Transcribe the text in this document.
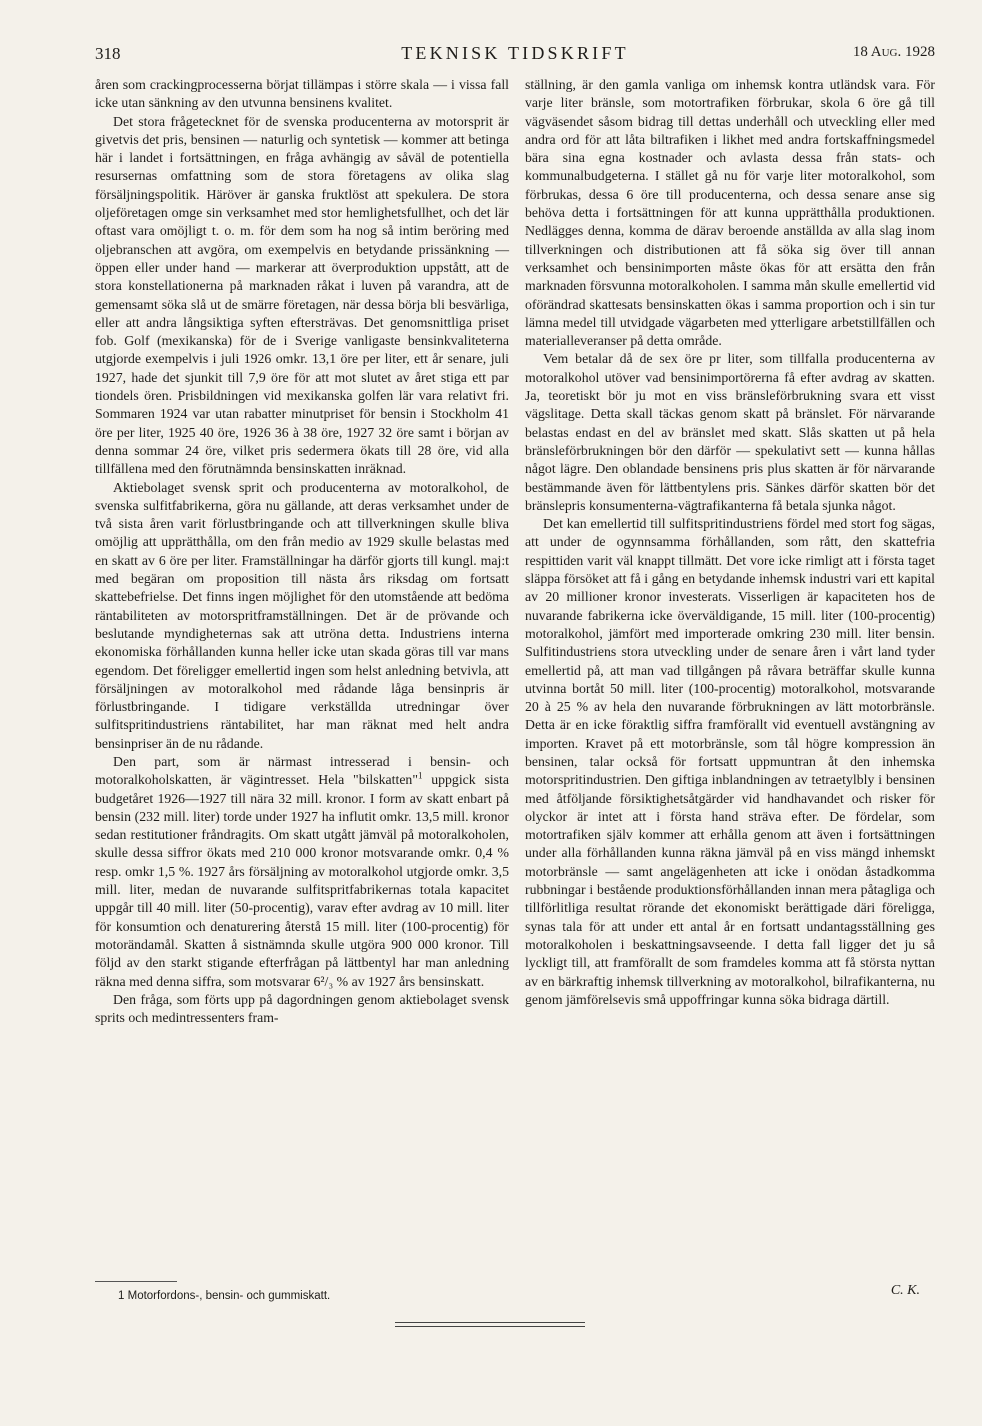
318	TEKNISK TIDSKRIFT	18 Aug. 1928

åren som crackingprocesserna börjat tillämpas i större skala — i vissa fall icke utan sänkning av den utvunna bensinens kvalitet.

Det stora frågetecknet för de svenska producenterna av motorsprit är givetvis det pris, bensinen — naturlig och syntetisk — kommer att betinga här i landet i fortsättningen, en fråga avhängig av såväl de potentiella resursernas omfattning som de stora företagens av olika slag försäljningspolitik. Häröver är ganska fruktlöst att spekulera. De stora oljeföretagen omge sin verksamhet med stor hemlighetsfullhet, och det lär oftast vara omöjligt t. o. m. för dem som ha nog så intim beröring med oljebranschen att avgöra, om exempelvis en betydande prissänkning — öppen eller under hand — markerar att överproduktion uppstått, att de stora konstellationerna på marknaden råkat i luven på varandra, att de gemensamt söka slå ut de smärre företagen, när dessa börja bli besvärliga, eller att andra långsiktiga syften eftersträvas. Det genomsnittliga priset fob. Golf (mexikanska) för de i Sverige vanligaste bensinkvaliteterna utgjorde exempelvis i juli 1926 omkr. 13,1 öre per liter, ett år senare, juli 1927, hade det sjunkit till 7,9 öre för att mot slutet av året stiga ett par tiondels ören. Prisbildningen vid mexikanska golfen lär vara relativt fri. Sommaren 1924 var utan rabatter minutpriset för bensin i Stockholm 41 öre per liter, 1925 40 öre, 1926 36 à 38 öre, 1927 32 öre samt i början av denna sommar 24 öre, vilket pris sedermera ökats till 28 öre, vid alla tillfällena med den förutnämnda bensinskatten inräknad.

Aktiebolaget svensk sprit och producenterna av motoralkohol, de svenska sulfitfabrikerna, göra nu gällande, att deras verksamhet under de två sista åren varit förlustbringande och att tillverkningen skulle bliva omöjlig att upprätthålla, om den från medio av 1929 skulle belastas med en skatt av 6 öre per liter. Framställningar ha därför gjorts till kungl. maj:t med begäran om proposition till nästa års riksdag om fortsatt skattebefrielse. Det finns ingen möjlighet för den utomstående att bedöma räntabiliteten av motorspritframställningen. Det är de prövande och beslutande myndigheternas sak att utröna detta. Industriens interna ekonomiska förhållanden kunna heller icke utan skada göras till var mans egendom. Det föreligger emellertid ingen som helst anledning betvivla, att försäljningen av motoralkohol med rådande låga bensinpris är förlustbringande. I tidigare verkställda utredningar över sulfitspritindustriens räntabilitet, har man räknat med helt andra bensinpriser än de nu rådande.

Den part, som är närmast intresserad i bensin- och motoralkoholskatten, är vägintresset. Hela "bilskatten"$^1$ uppgick sista budgetåret 1926—1927 till nära 32 mill. kronor. I form av skatt enbart på bensin (232 mill. liter) torde under 1927 ha influtit omkr. 13,5 mill. kronor sedan restitutioner fråndragits. Om skatt utgått jämväl på motoralkoholen, skulle dessa siffror ökats med 210 000 kronor motsvarande omkr. 0,4 % resp. omkr 1,5 %. 1927 års försäljning av motoralkohol utgjorde omkr. 3,5 mill. liter, medan de nuvarande sulfitspritfabrikernas totala kapacitet uppgår till 40 mill. liter (50-procentig), varav efter avdrag av 10 mill. liter för konsumtion och denaturering återstå 15 mill. liter (100-procentig) för motorändamål. Skatten å sistnämnda skulle utgöra 900 000 kronor. Till följd av den starkt stigande efterfrågan på lättbentyl har man anledning räkna med denna siffra, som motsvarar 6²/₃ % av 1927 års bensinskatt.

Den fråga, som förts upp på dagordningen genom aktiebolaget svensk sprits och medintressenters fram-

ställning, är den gamla vanliga om inhemsk kontra utländsk vara. För varje liter bränsle, som motortrafiken förbrukar, skola 6 öre gå till vägväsendet såsom bidrag till dettas underhåll och utveckling eller med andra ord för att låta biltrafiken i likhet med andra fortskaffningsmedel bära sina egna kostnader och avlasta dessa från stats- och kommunalbudgeterna. I stället gå nu för varje liter motoralkohol, som förbrukas, dessa 6 öre till producenterna, och dessa senare anse sig behöva detta i fortsättningen för att kunna upprätthålla produktionen. Nedlägges denna, komma de därav beroende anställda av alla slag inom tillverkningen och distributionen att få söka sig över till annan verksamhet och bensinimporten måste ökas för att ersätta den från marknaden försvunna motoralkoholen. I samma mån skulle emellertid vid oförändrad skattesats bensinskatten ökas i samma proportion och i sin tur lämna medel till utvidgade vägarbeten med ytterligare arbetstillfällen och materialleveranser på detta område.

Vem betalar då de sex öre pr liter, som tillfalla producenterna av motoralkohol utöver vad bensinimportörerna få efter avdrag av skatten. Ja, teoretiskt bör ju mot en viss bränsleförbrukning svara ett visst vägslitage. Detta skall täckas genom skatt på bränslet. För närvarande belastas endast en del av bränslet med skatt. Slås skatten ut på hela bränsleförbrukningen bör den därför — spekulativt sett — kunna hållas något lägre. Den oblandade bensinens pris plus skatten är för närvarande bestämmande även för lättbentylens pris. Sänkes därför skatten bör det bränslepris konsumenterna-vägtrafikanterna få betala sjunka något.

Det kan emellertid till sulfitspritindustriens fördel med stort fog sägas, att under de ogynnsamma förhållanden, som rått, den skattefria respittiden varit väl knappt tillmätt. Det vore icke rimligt att i första taget släppa försöket att få i gång en betydande inhemsk industri vari ett kapital av 20 millioner kronor investerats. Visserligen är kapaciteten hos de nuvarande fabrikerna icke överväldigande, 15 mill. liter (100-procentig) motoralkohol, jämfört med importerade omkring 230 mill. liter bensin. Sulfitindustriens stora utveckling under de senare åren i vårt land tyder emellertid på, att man vad tillgången på råvara beträffar skulle kunna utvinna bortåt 50 mill. liter (100-procentig) motoralkohol, motsvarande 20 à 25 % av hela den nuvarande förbrukningen av lätt motorbränsle. Detta är en icke föraktlig siffra framförallt vid eventuell avstängning av importen. Kravet på ett motorbränsle, som tål högre kompression än bensinen, talar också för fortsatt uppmuntran åt den inhemska motorspritindustrien. Den giftiga inblandningen av tetraetylbly i bensinen med åtföljande försiktighetsåtgärder vid handhavandet och risker för olyckor är intet att i första hand sträva efter. De fördelar, som motortrafiken själv kommer att erhålla genom att även i fortsättningen under alla förhållanden kunna räkna jämväl på en viss mängd inhemskt motorbränsle — samt angelägenheten att icke i onödan åstadkomma rubbningar i bestående produktionsförhållanden innan mera påtagliga och tillförlitliga resultat rörande det ekonomiskt berättigade däri föreligga, synas tala för att under ett antal år en fortsatt undantagsställning ges motoralkoholen i beskattningsavseende. I detta fall ligger det ju så lyckligt till, att framförallt de som framdeles komma att få största nyttan av en bärkraftig inhemsk tillverkning av motoralkohol, bilrafikanterna, nu genom jämförelsevis små uppoffringar kunna söka bidraga därtill.

1 Motorfordons-, bensin- och gummiskatt.	C. K.
